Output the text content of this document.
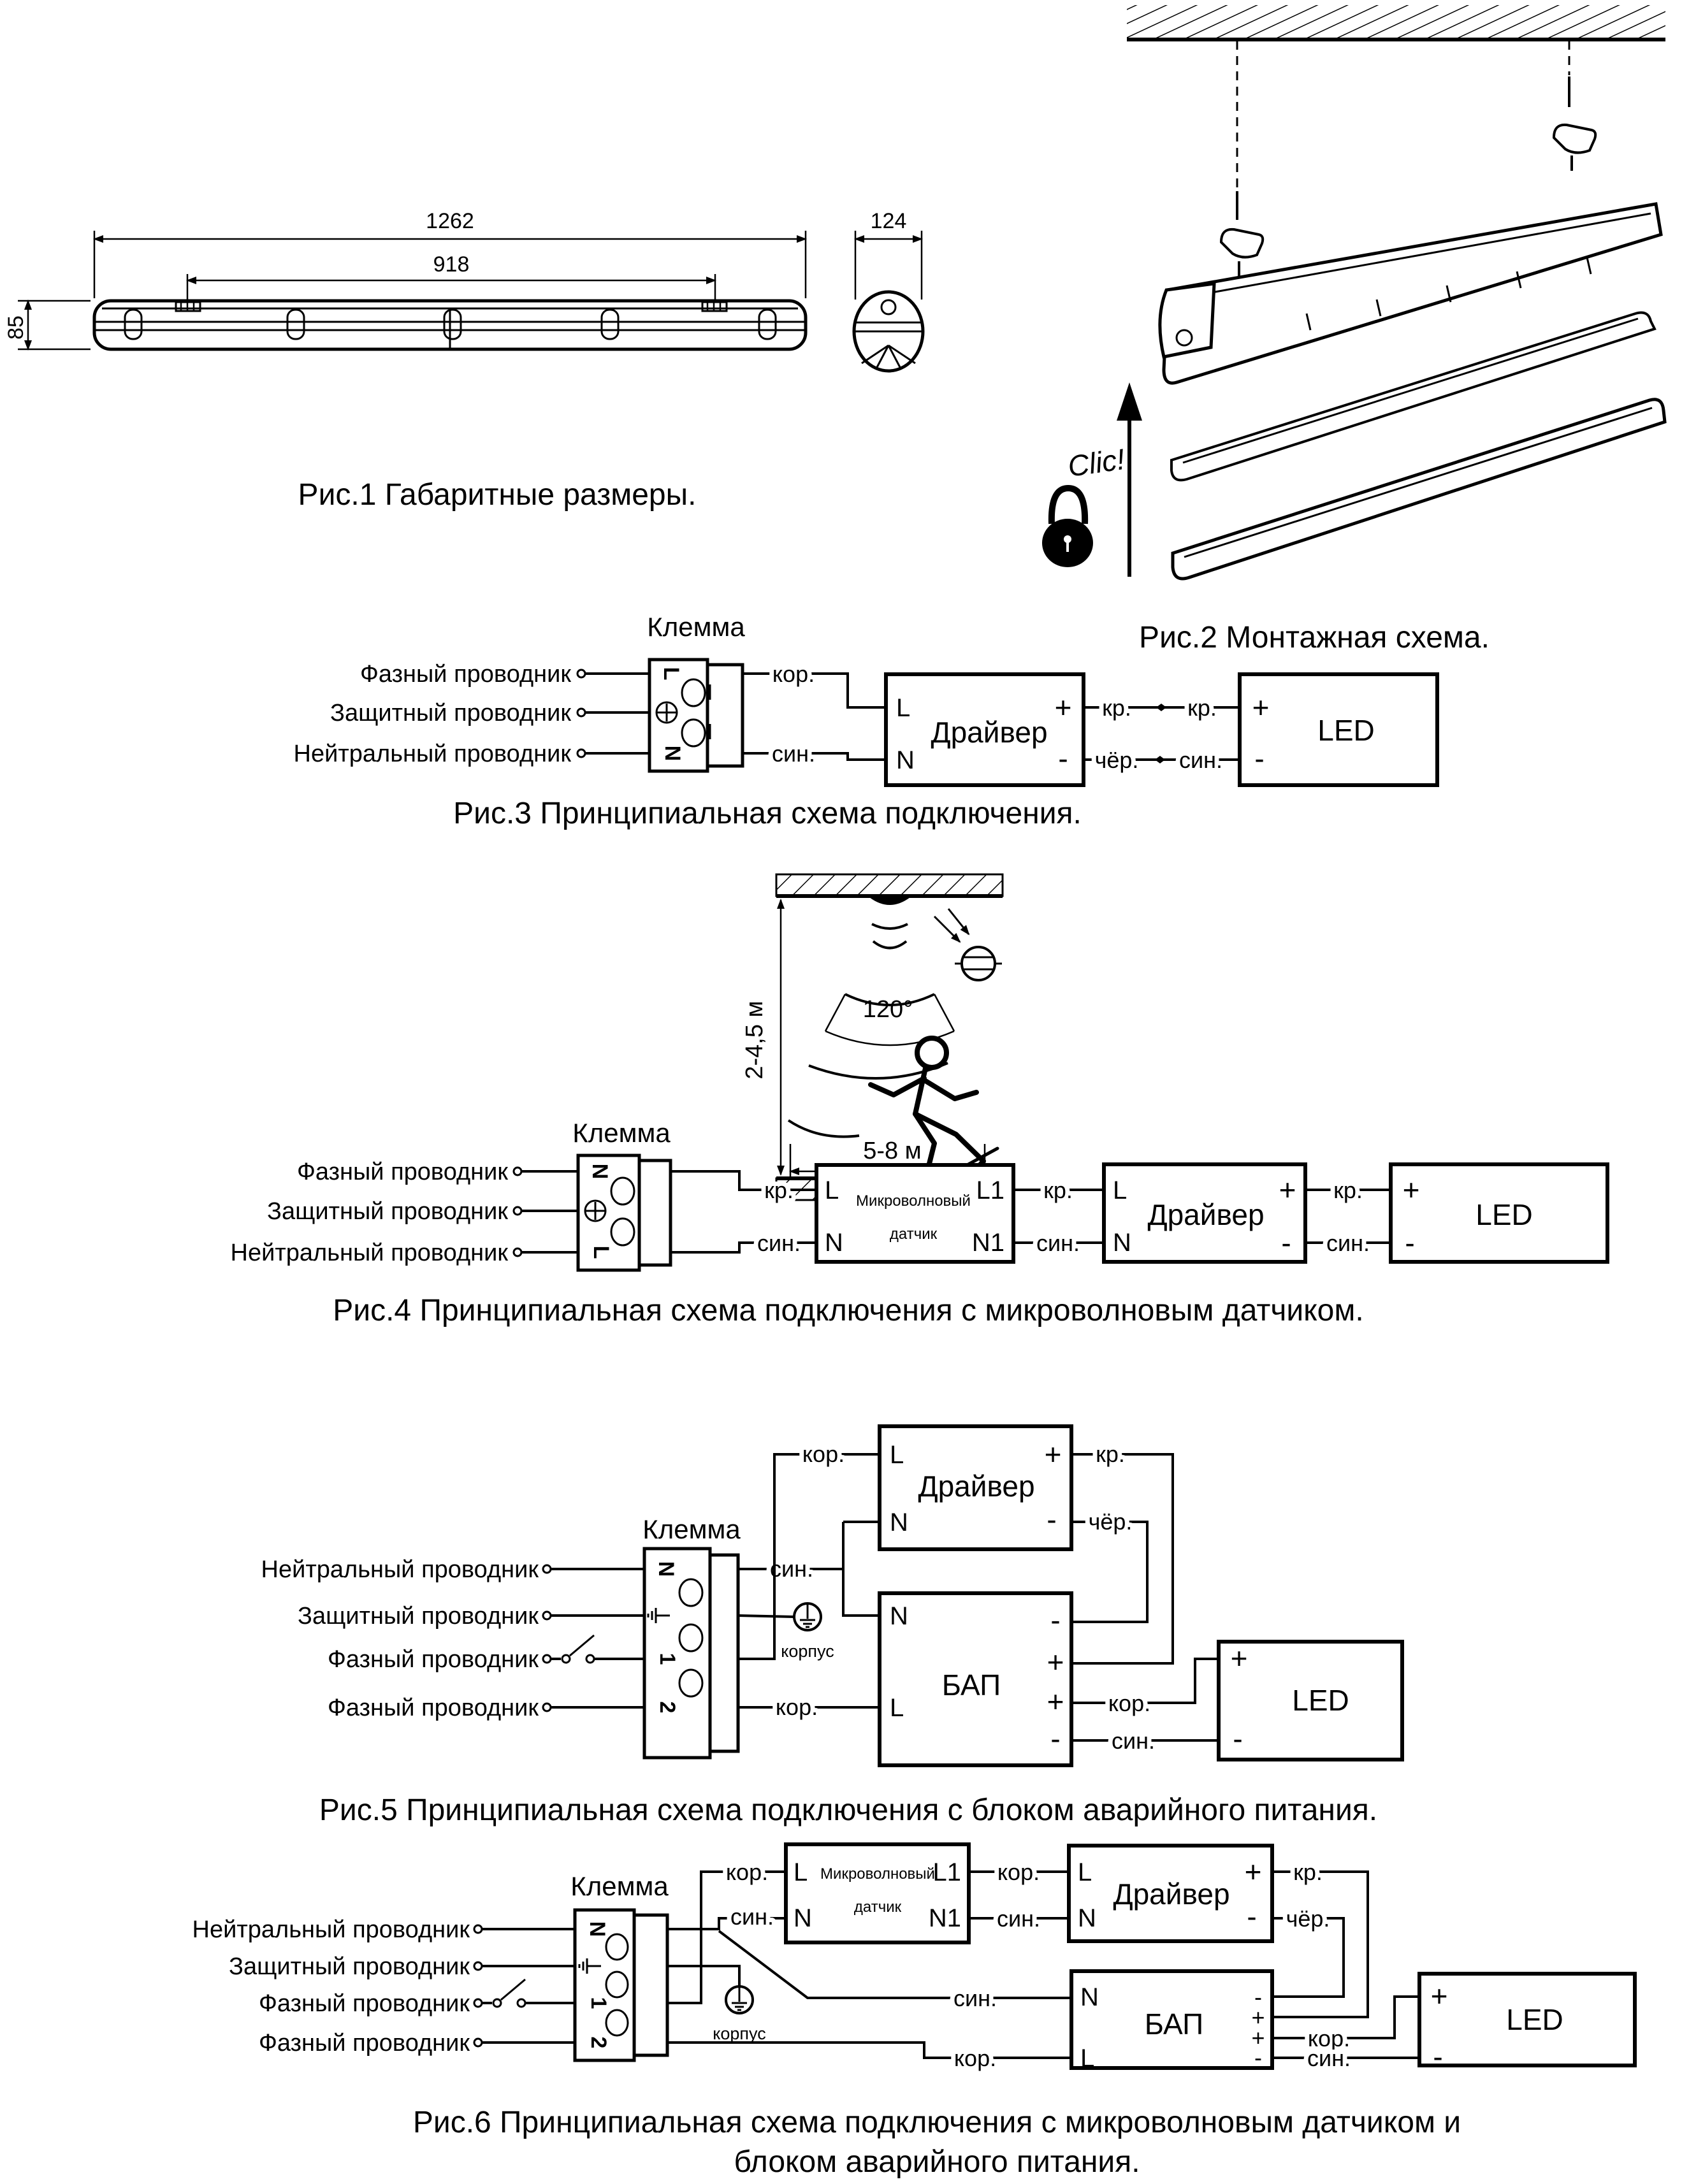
1262
918
124
85
Рис.1 Габаритные размеры.
Clic!
Рис.2 Монтажная схема.
Клемма
L
N
Фазный проводник
Защитный проводник
Нейтральный проводник
кор.
син.
L
N
Драйвер
+
-
кр. кр.
чёр. син.
+
-
LED
Рис.3 Принципиальная схема подключения.
120°
2-4,5 м
5-8 м
Клемма
N
L
Фазный проводник
Защитный проводник
Нейтральный проводник
кр.
син.
L
N
L1
N1
Микроволновый
датчик
кр.
син.
L
N
Драйвер
+
-
кр.
син.
+
-
LED
Рис.4 Принципиальная схема подключения с микроволновым датчиком.
Клемма
N
1
2
Нейтральный проводник
Защитный проводник
Фазный проводник
Фазный проводник
корпус
син.
кор.
кор.
L
N
Драйвер
+
-
кр.
чёр.
N
L
БАП
-
+
+
-
кор.
син.
+
-
LED
Рис.5 Принципиальная схема подключения с блоком аварийного питания.
Клемма
N
1
2
Нейтральный проводник
Защитный проводник
Фазный проводник
Фазный проводник	корпус
син.
син.
кор.
кор.
L
N
L1
N1
Микроволновый
датчик
кор.
син.
L
N
Драйвер
+
-
кр.
чёр.
N
L
БАП
-
+
+
-
кор.
син.
+
-
LED
Рис.6 Принципиальная схема подключения с микроволновым датчиком и
блоком аварийного питания.
